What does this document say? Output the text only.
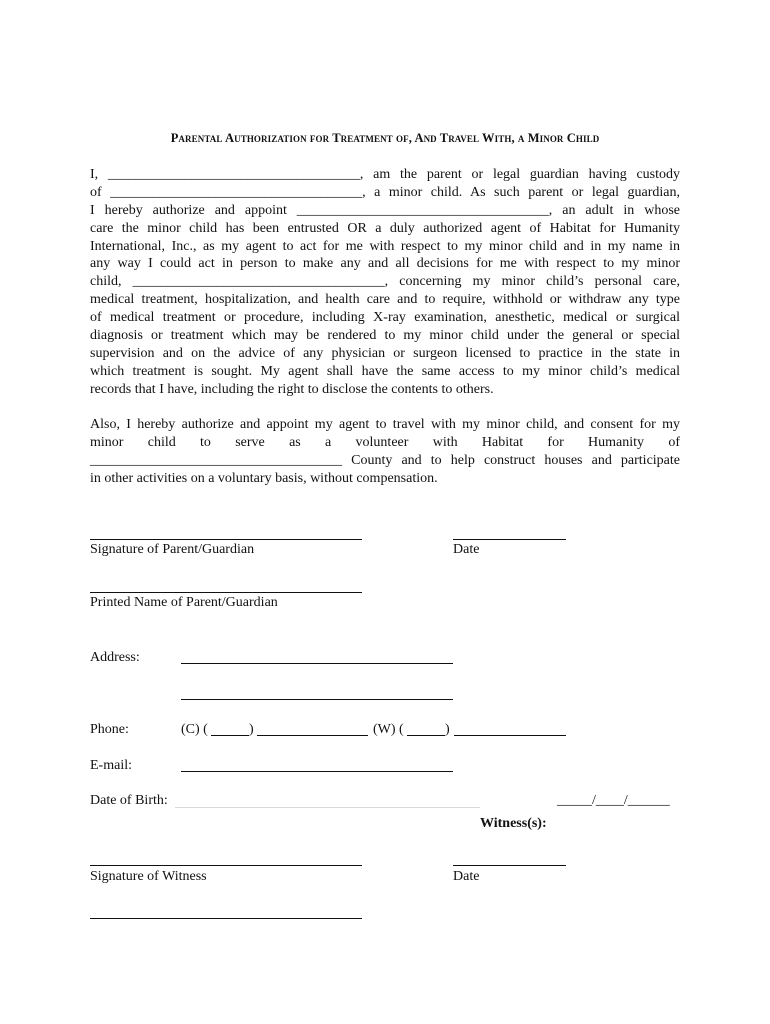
Parental Authorization for Treatment of, And Travel With, a Minor Child
I, ____________________________________, am the parent or legal guardian having custody
of ____________________________________, a minor child. As such parent or legal guardian,
I hereby authorize and appoint ____________________________________, an adult in whose
care the minor child has been entrusted OR a duly authorized agent of Habitat for Humanity
International, Inc., as my agent to act for me with respect to my minor child and in my name in
any way I could act in person to make any and all decisions for me with respect to my minor
child, ____________________________________, concerning my minor child’s personal care,
medical treatment, hospitalization, and health care and to require, withhold or withdraw any type
of medical treatment or procedure, including X-ray examination, anesthetic, medical or surgical
diagnosis or treatment which may be rendered to my minor child under the general or special
supervision and on the advice of any physician or surgeon licensed to practice in the state in
which treatment is sought. My agent shall have the same access to my minor child’s medical
records that I have, including the right to disclose the contents to others.
Also, I hereby authorize and appoint my agent to travel with my minor child, and consent for my
minor child to serve as a volunteer with Habitat for Humanity of
____________________________________ County and to help construct houses and participate
in other activities on a voluntary basis, without compensation.
Signature of Parent/Guardian	Date
Printed Name of Parent/Guardian
Address:
Phone:	(C) (	)	(W) (	)
E-mail:
Date of Birth:	_____/____/______
Witness(s):
Signature of Witness	Date
